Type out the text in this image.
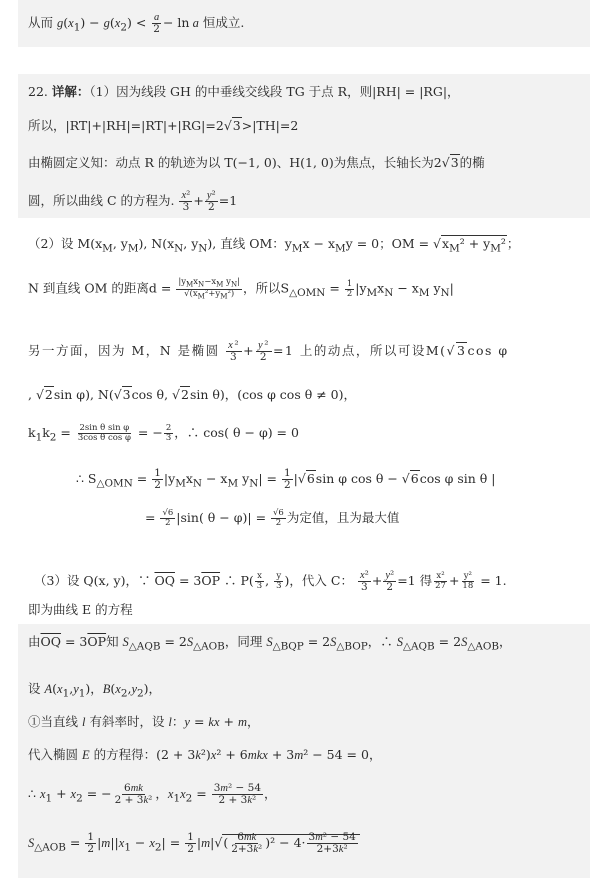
从而 $g(x_1) - g(x_2) < \frac{a}{2} - \ln a$ 恒成立.
22. 详解：（1）因为线段 GH 的中垂线交线段 TG 于点 R，则|RH| = |RG|，
所以，|RT|+|RH|=|RT|+|RG|=2√3>|TH|=2
由椭圆定义知：动点 R 的轨迹为以 T(−1, 0)、H(1, 0)为焦点，长轴长为2√3的椭
圆，所以曲线 C 的方程为. $\frac{\text{x²}}{3} + \frac{\text{y²}}{2} =1$
（2）设 $M(x_M$, $y_M$), $N(x_N$, $y_N$), 直线 OM：$y_Mx - x_My = 0$；OM = $√x_M^2 + y_M^2$；
N 到直线 OM 的距离$d = \frac{|y_Mx_N-x_M y_N|}{√(x_M^2+y_M^2)}$ ，所以$S_{\triangle OMN} = \frac{1}{2} |y_Mx_N - x_M$ $y_N|$
另一方面，因为 M，N 是椭圆 $\frac{\text{x²}}{3} + \frac{\text{y²}}{2} =1$ 上的动点，所以可设M(√3cos φ
, √2sin φ), N(√3cos θ, √2sin θ)，(cos φ cos θ ≠ 0)，
$k_1k_2 = \frac{\text{2sin θ sin φ}}{\text{3cos θ cos φ}}$ = − $\frac{2}{3}$ ，∴ cos( θ − φ) = 0
∴ $S_{\triangle OMN} = \frac{1}{2} |y_Mx_N - x_M$ $y_N| = \frac{1}{2} |√6\sin$ φ cos θ − √6cos φ sin θ |
= $\frac{√6}{2} |\sin$( $\theta - \varphi)| = \frac{√6}{2}$ 为定值，且为最大值
（3）设 Q(x, y)，∵ $\overline{OQ} = 3\overline{OP}$ ∴ $P( \frac{x}{3}$ , $\frac{y}{3}$ )，代入 C： $\frac{\text{x²}}{3} + \frac{\text{y²}}{2} =1$ 得 $\frac{\text{x²}}{27} + \frac{\text{y²}}{18} = 1$.
即为曲线 E 的方程
由$\overline{OQ} = 3\overline{OP}$知 $S_{\triangle AQB} = 2S_{\triangle AOB}$，同理 $S_{\triangle BQP} = 2S_{\triangle BOP}$，∴ $S_{\triangle AQB} = 2S_{\triangle AOB}$，
设 $A(x_1,y_1)$，$B(x_2,y_2)$，
①当直线 l 有斜率时，设 l：y = kx + m，
代入椭圆 E 的方程得：(2 + 3k²)x² + 6mkx + 3m² − 54 = 0，
∴ $x_1 + x_2$ = − $\frac{6mk}{\text{2 + 3k²}}$ ，$x_1x_2 = \frac{\text{3m² − 54}}{\text{2 + 3k²}}$ ，
$S_{\triangle AOB} = \frac{1}{2} |m||x_1 - x_2| = \frac{1}{2} |m|√( \frac{6mk}{\text{2+3k²}} )^2 - 4\cdot \frac{\text{3m² − 54}}{\text{2+3k²}}$
